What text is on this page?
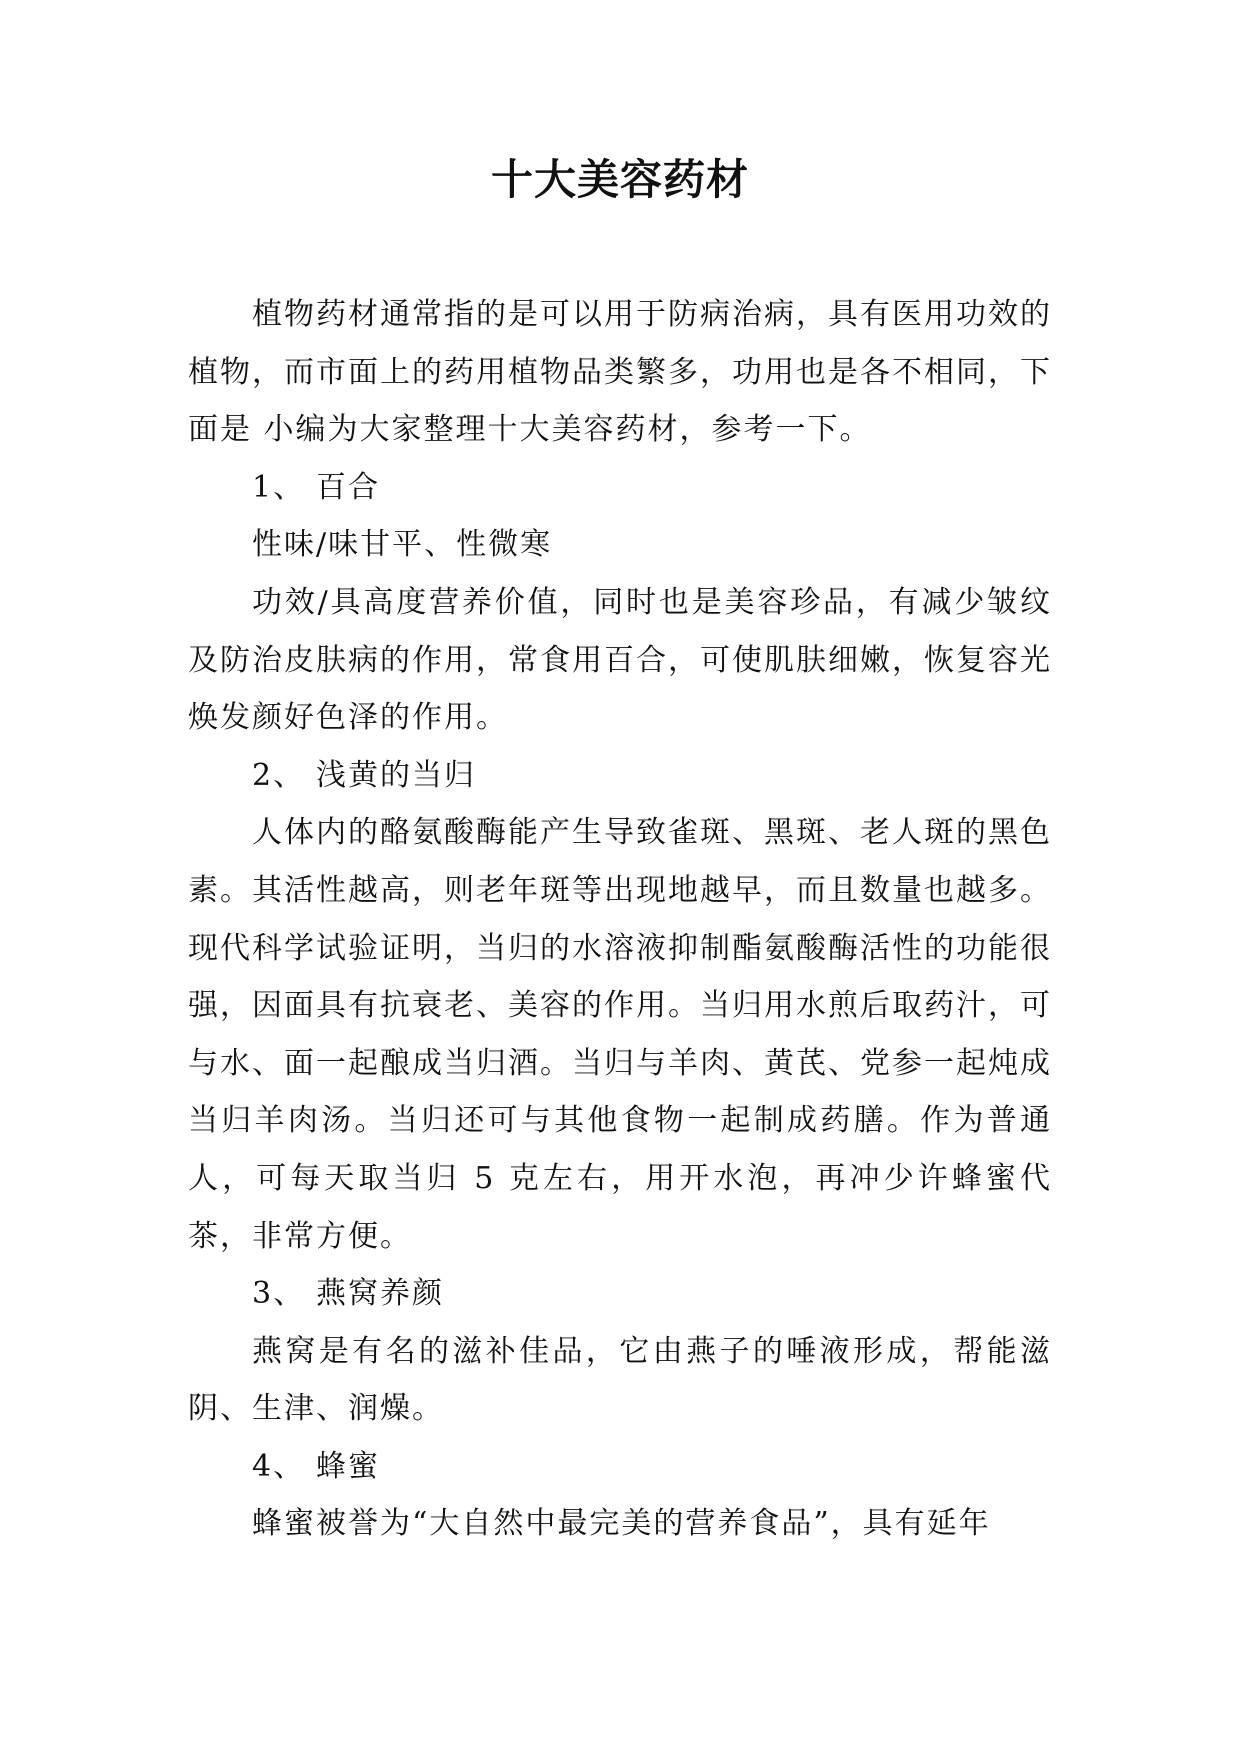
十大美容药材

植物药材通常指的是可以用于防病治病，具有医用功效的植物，而市面上的药用植物品类繁多，功用也是各不相同，下面是 小编为大家整理十大美容药材，参考一下。

1、 百合

性味/味甘平、性微寒

功效/具高度营养价值，同时也是美容珍品，有减少皱纹及防治皮肤病的作用，常食用百合，可使肌肤细嫩，恢复容光焕发颜好色泽的作用。

2、 浅黄的当归

人体内的酪氨酸酶能产生导致雀斑、黑斑、老人斑的黑色素。其活性越高，则老年斑等出现地越早，而且数量也越多。现代科学试验证明，当归的水溶液抑制酯氨酸酶活性的功能很强，因面具有抗衰老、美容的作用。当归用水煎后取药汁，可与水、面一起酿成当归酒。当归与羊肉、黄芪、党参一起炖成当归羊肉汤。当归还可与其他食物一起制成药膳。作为普通人，可每天取当归 5 克左右，用开水泡，再冲少许蜂蜜代茶，非常方便。

3、 燕窝养颜

燕窝是有名的滋补佳品，它由燕子的唾液形成，帮能滋阴、生津、润燥。

4、 蜂蜜

蜂蜜被誉为“大自然中最完美的营养食品”，具有延年
